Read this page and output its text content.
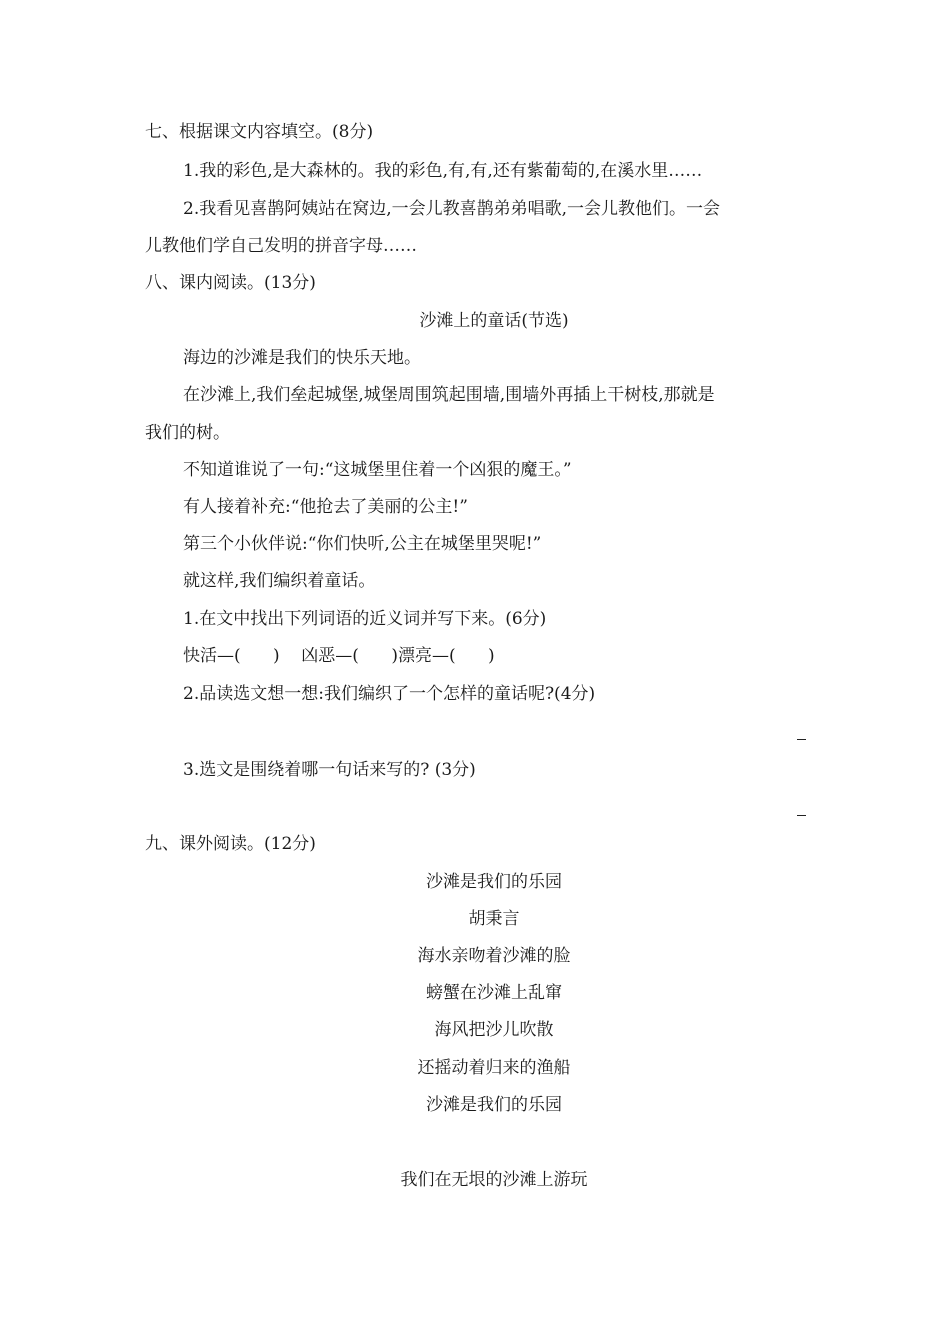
七、根据课文内容填空。(8分)
1.我的彩色,是大森林的。我的彩色,有,有,还有紫葡萄的,在溪水里……
2.我看见喜鹊阿姨站在窝边,一会儿教喜鹊弟弟唱歌,一会儿教他们。一会
儿教他们学自己发明的拼音字母……
八、课内阅读。(13分)
沙滩上的童话(节选)
海边的沙滩是我们的快乐天地。
在沙滩上,我们垒起城堡,城堡周围筑起围墙,围墙外再插上干树枝,那就是
我们的树。
不知道谁说了一句:“这城堡里住着一个凶狠的魔王。”
有人接着补充:“他抢去了美丽的公主!”
第三个小伙伴说:“你们快听,公主在城堡里哭呢!”
就这样,我们编织着童话。
1.在文中找出下列词语的近义词并写下来。(6分)
快活—(      )    凶恶—(      )漂亮—(      )
2.品读选文想一想:我们编织了一个怎样的童话呢?(4分)
3.选文是围绕着哪一句话来写的? (3分)
九、课外阅读。(12分)
沙滩是我们的乐园
胡秉言
海水亲吻着沙滩的脸
螃蟹在沙滩上乱窜
海风把沙儿吹散
还摇动着归来的渔船
沙滩是我们的乐园
我们在无垠的沙滩上游玩
